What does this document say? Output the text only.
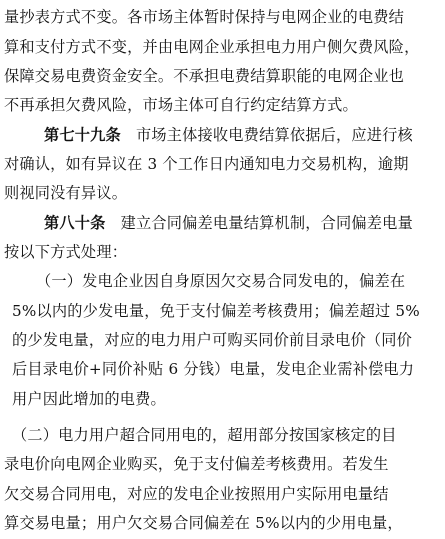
量抄表方式不变。各市场主体暂时保持与电网企业的电费结
算和支付方式不变，并由电网企业承担电力用户侧欠费风险，
保障交易电费资金安全。不承担电费结算职能的电网企业也
不再承担欠费风险，市场主体可自行约定结算方式。
第七十九条 市场主体接收电费结算依据后，应进行核
对确认，如有异议在 3 个工作日内通知电力交易机构，逾期
则视同没有异议。
第八十条 建立合同偏差电量结算机制，合同偏差电量
按以下方式处理：
（一）发电企业因自身原因欠交易合同发电的，偏差在
5%以内的少发电量，免于支付偏差考核费用；偏差超过 5%
的少发电量，对应的电力用户可购买同价前目录电价（同价
后目录电价+同价补贴 6 分钱）电量，发电企业需补偿电力
用户因此增加的电费。
（二）电力用户超合同用电的，超用部分按国家核定的目
录电价向电网企业购买，免于支付偏差考核费用。若发生
欠交易合同用电，对应的发电企业按照用户实际用电量结
算交易电量；用户欠交易合同偏差在 5%以内的少用电量，
